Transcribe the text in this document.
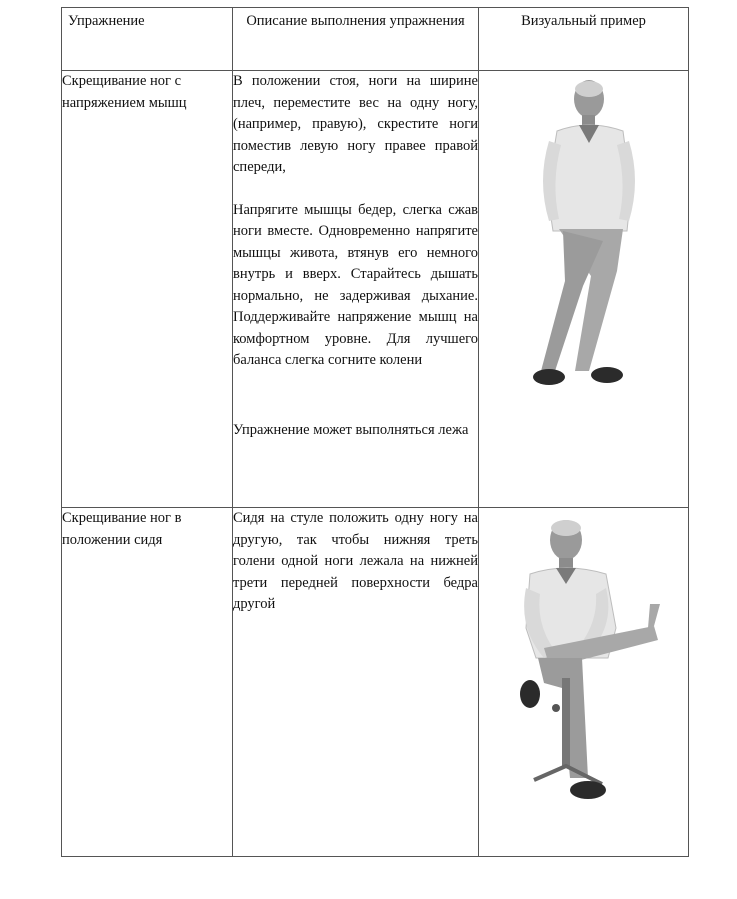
Упражнение	Описание выполнения упражнения	Визуальный пример
Скрещивание ног с напряжением мышц	В положении стоя, ноги на ширине плеч, переместите вес на одну ногу, (например, правую), скрестите ноги поместив левую ногу правее правой спереди,

Напрягите мышцы бедер, слегка сжав ноги вместе. Одновременно напрягите мышцы живота, втянув его немного внутрь и вверх. Старайтесь дышать нормально, не задерживая дыхание. Поддерживайте напряжение мышц на комфортном уровне. Для лучшего баланса слегка согните колени

Упражнение может выполняться лежа

Скрещивание ног в положении сидя	Сидя на стуле положить одну ногу на другую, так чтобы нижняя треть голени одной ноги лежала на нижней трети передней поверхности бедра другой
